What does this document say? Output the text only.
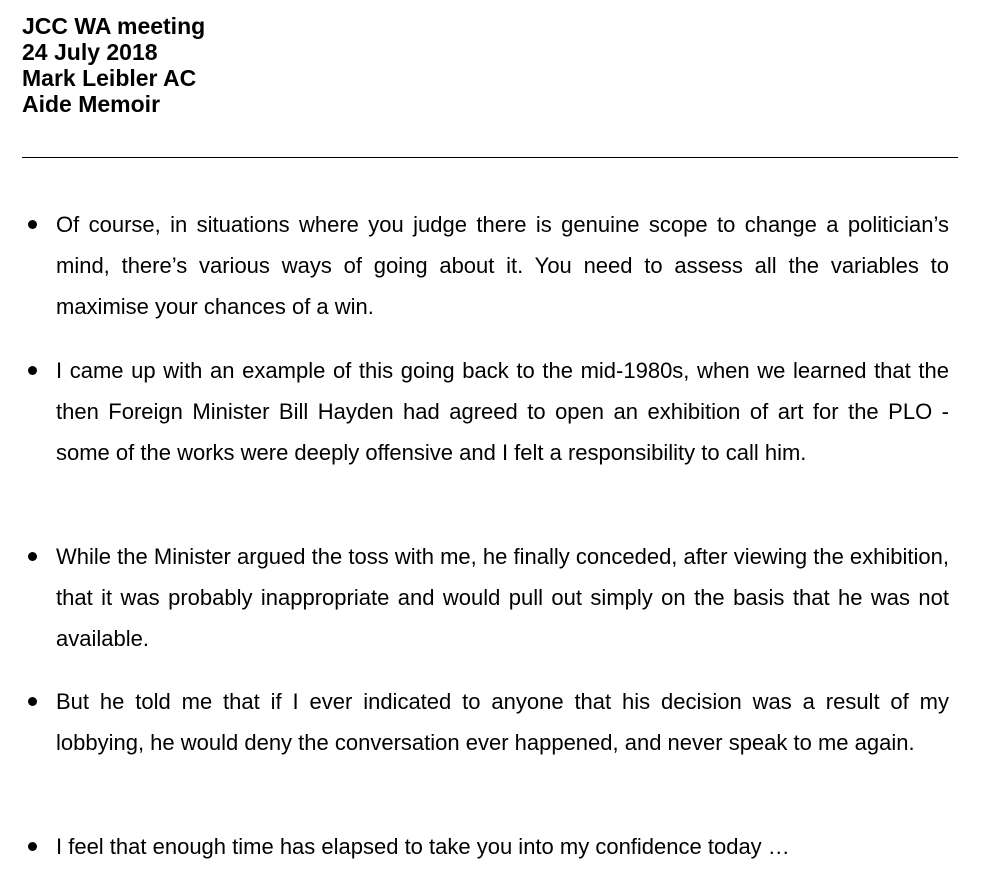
JCC WA meeting
24 July 2018
Mark Leibler AC
Aide Memoir
Of course, in situations where you judge there is genuine scope to change a politician’s mind, there’s various ways of going about it. You need to assess all the variables to maximise your chances of a win.
I came up with an example of this going back to the mid-1980s, when we learned that the then Foreign Minister Bill Hayden had agreed to open an exhibition of art for the PLO - some of the works were deeply offensive and I felt a responsibility to call him.
While the Minister argued the toss with me, he finally conceded, after viewing the exhibition, that it was probably inappropriate and would pull out simply on the basis that he was not available.
But he told me that if I ever indicated to anyone that his decision was a result of my lobbying, he would deny the conversation ever happened, and never speak to me again.
I feel that enough time has elapsed to take you into my confidence today …
